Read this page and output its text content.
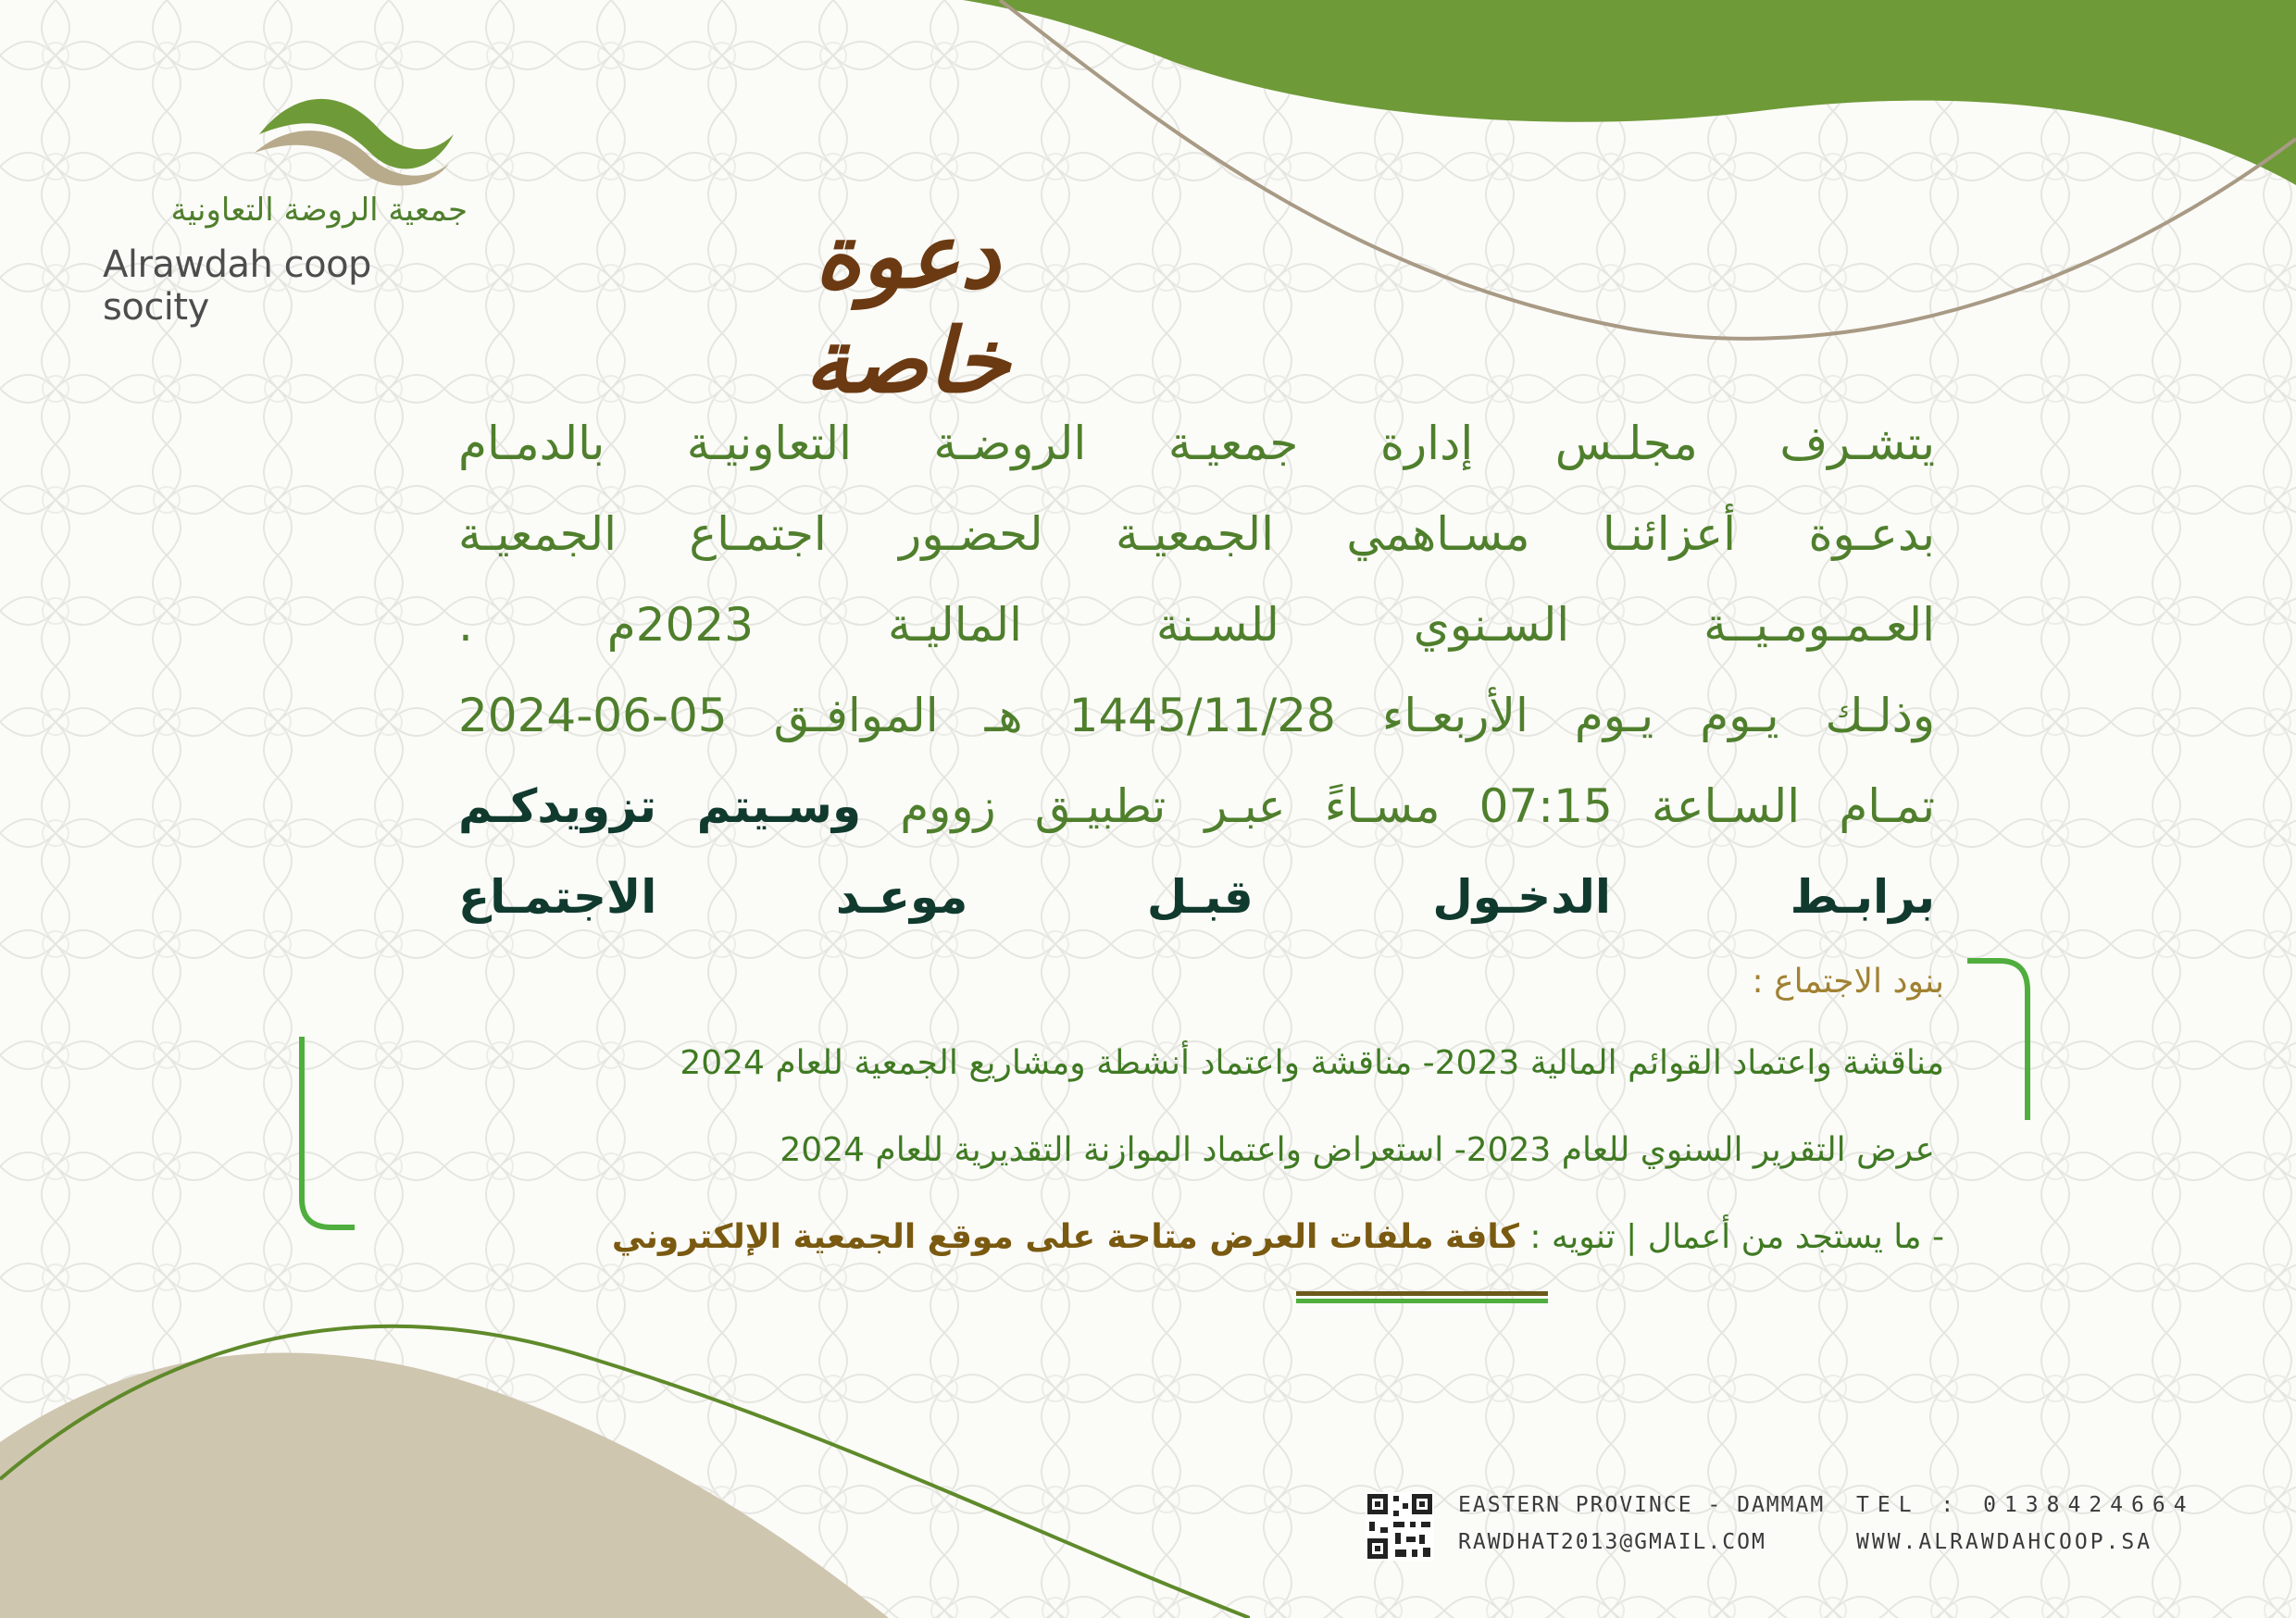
جمعية الروضة التعاونية
Alrawdah coop socity	دعوة خاصة
يتشـرف مجلـس إدارة جمعيـة الروضـة التعاونيـة بالدمـام
بدعـوة أعزائنـا مسـاهمي الجمعيـة لحضـور اجتمـاع الجمعيـة
العـمـومـيــة السـنوي للسـنة الماليـة 2023م .
وذلـك يـوم يـوم الأربعـاء 1445/11/28 هـ الموافـق 05-06-2024
تمـام السـاعة 07:15 مسـاءً عبـر تطبيـق زووم وسـيتم تزويدكـم
برابـط الدخـول قبـل موعـد الاجتمـاع
بنود الاجتماع :
مناقشة واعتماد القوائم المالية 2023- مناقشة واعتماد أنشطة ومشاريع الجمعية للعام 2024
عرض التقرير السنوي للعام 2023- استعراض واعتماد الموازنة التقديرية للعام 2024
- ما يستجد من أعمال | تنويه : كافة ملفات العرض متاحة على موقع الجمعية الإلكتروني
EASTERN PROVINCE - DAMMAM
RAWDHAT2013@GMAIL.COM
TEL : 0138424664
WWW.ALRAWDAHCOOP.SA
